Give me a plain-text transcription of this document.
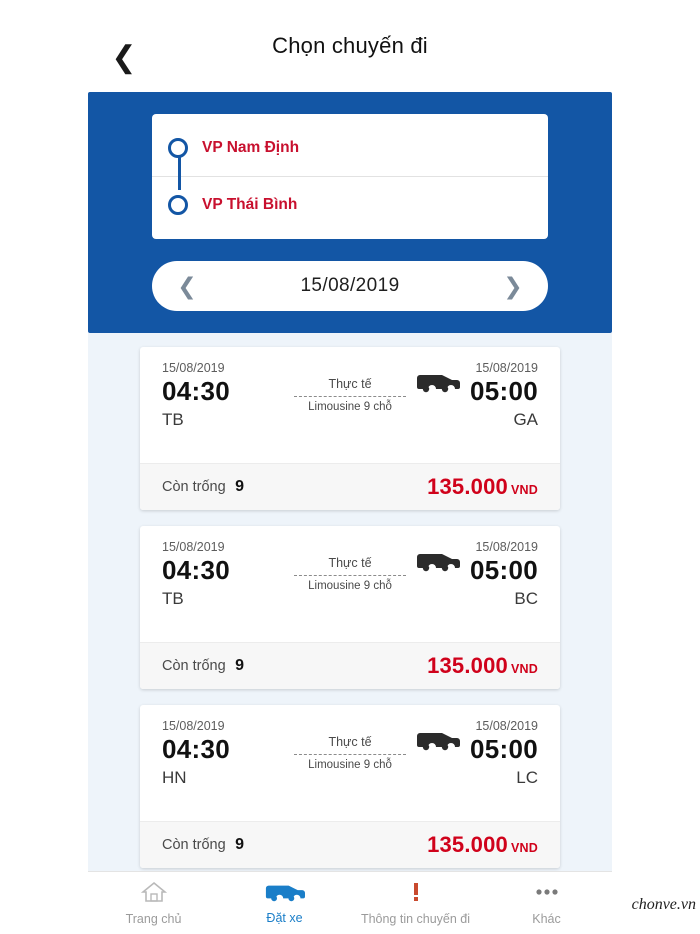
❮	Chọn chuyến đi
VP Nam Định
VP Thái Bình
❮	15/08/2019	❯
15/08/2019
04:30
TB
Thực tế
Limousine 9 chỗ
15/08/2019
05:00
GA
Còn trống 9	135.000 VND
15/08/2019
04:30
TB
Thực tế
Limousine 9 chỗ
15/08/2019
05:00
BC
Còn trống 9	135.000 VND
15/08/2019
04:30
HN
Thực tế
Limousine 9 chỗ
15/08/2019
05:00
LC
Còn trống 9	135.000 VND
Trang chủ	Đặt xe	Thông tin chuyến đi	Khác
chonve.vn
